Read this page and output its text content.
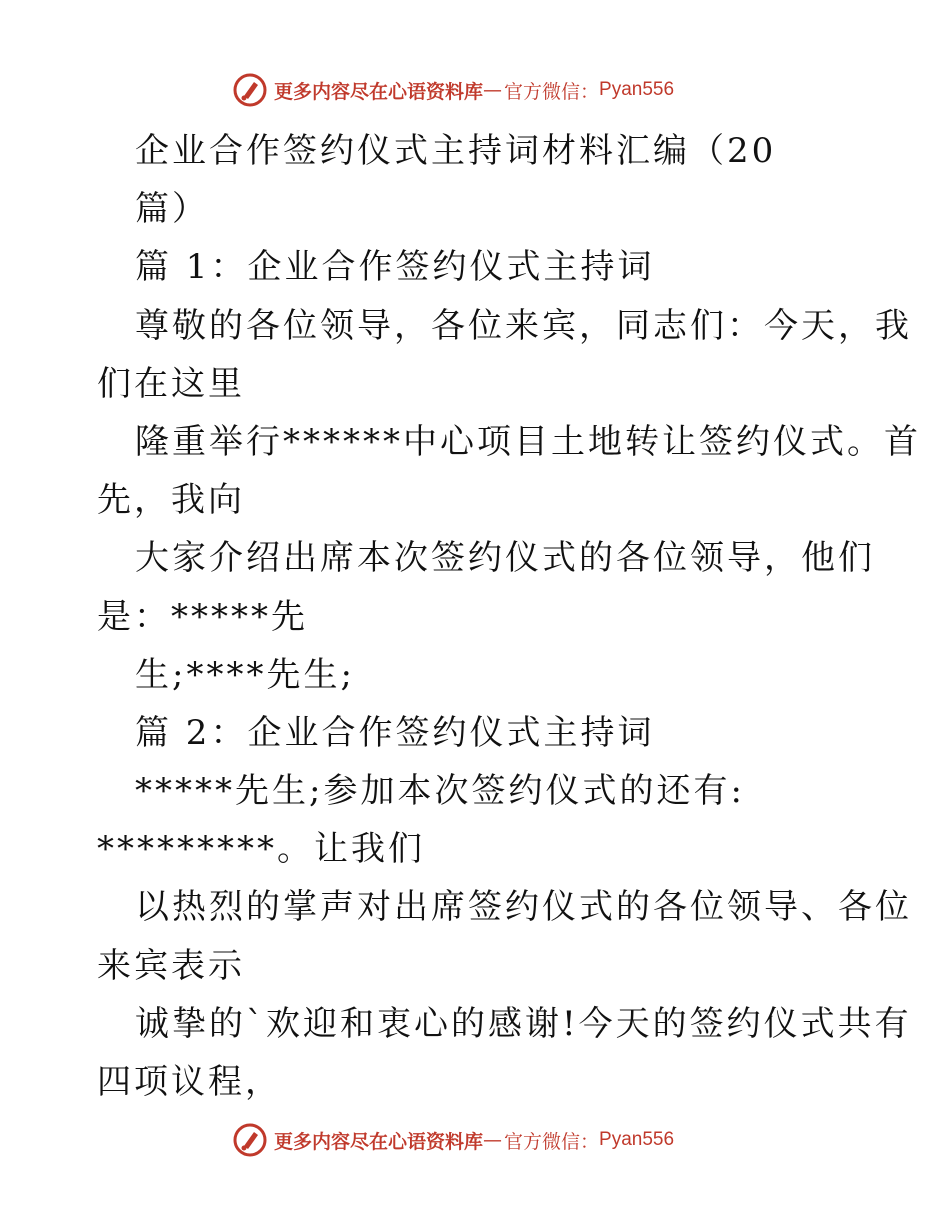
更多内容尽在心语资料库 — 官方微信： Pyan556
企业合作签约仪式主持词材料汇编（20
篇）
篇 1：企业合作签约仪式主持词
尊敬的各位领导，各位来宾，同志们：今天，我
们在这里
隆重举行******中心项目土地转让签约仪式。首
先，我向
大家介绍出席本次签约仪式的各位领导，他们
是：*****先
生;****先生;
篇 2：企业合作签约仪式主持词
*****先生;参加本次签约仪式的还有:
*********。让我们
以热烈的掌声对出席签约仪式的各位领导、各位
来宾表示
诚挚的`欢迎和衷心的感谢!今天的签约仪式共有
四项议程，
更多内容尽在心语资料库 — 官方微信： Pyan556
